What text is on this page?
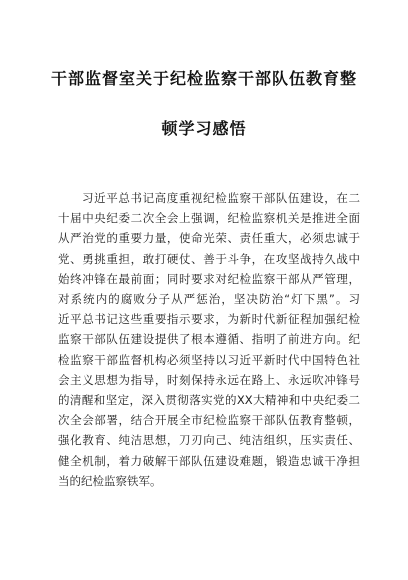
干部监督室关于纪检监察干部队伍教育整
顿学习感悟
习近平总书记高度重视纪检监察干部队伍建设，在二
十届中央纪委二次全会上强调，纪检监察机关是推进全面
从严治党的重要力量，使命光荣、责任重大，必须忠诚于
党、勇挑重担，敢打硬仗、善于斗争，在攻坚战持久战中
始终冲锋在最前面；同时要求对纪检监察干部从严管理，
对系统内的腐败分子从严惩治，坚决防治“灯下黑”。习
近平总书记这些重要指示要求，为新时代新征程加强纪检
监察干部队伍建设提供了根本遵循、指明了前进方向。纪
检监察干部监督机构必须坚持以习近平新时代中国特色社
会主义思想为指导，时刻保持永远在路上、永远吹冲锋号
的清醒和坚定，深入贯彻落实党的XX大精神和中央纪委二
次全会部署，结合开展全市纪检监察干部队伍教育整顿，
强化教育、纯洁思想，刀刃向己、纯洁组织，压实责任、
健全机制，着力破解干部队伍建设难题，锻造忠诚干净担
当的纪检监察铁军。
